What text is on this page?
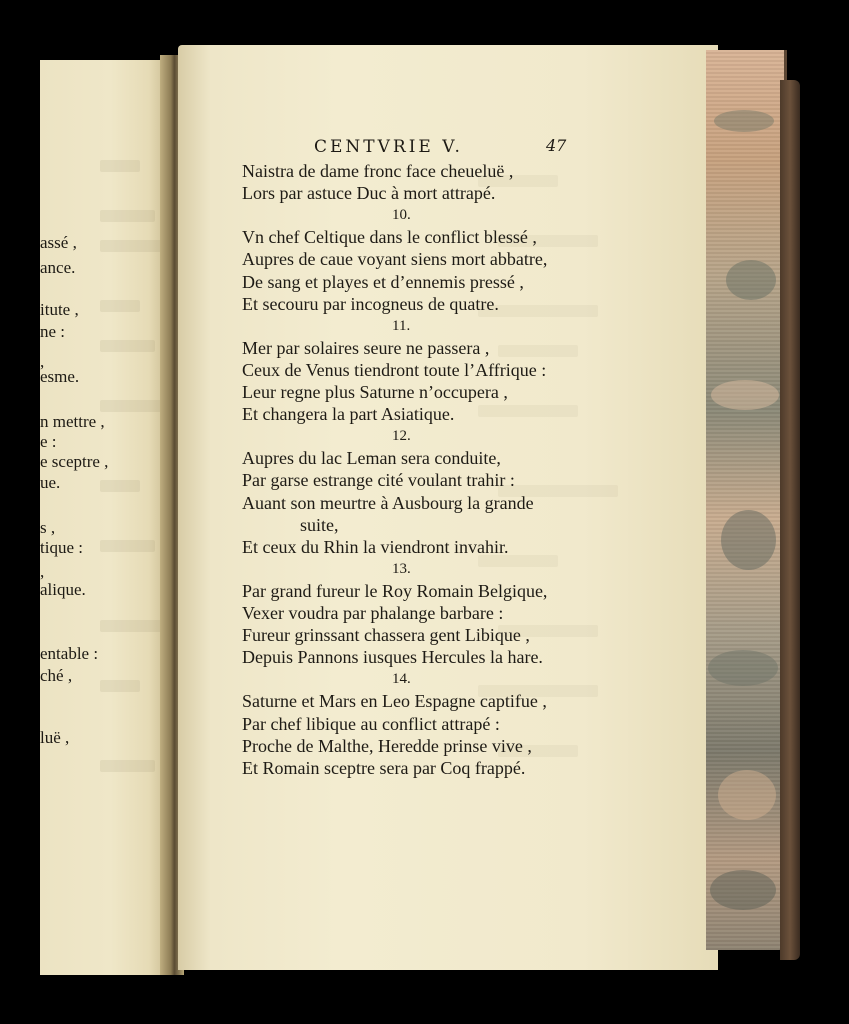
assé ,
ance.
itute ,
ne :
,
esme.
n mettre ,
e :
e sceptre ,
ue.
s ,
tique :
,
alique.
entable :
ché ,
luë ,
CENTVRIE V.	47
Naistra de dame fronc face cheueluë ,
Lors par astuce Duc à mort attrapé.
10.
Vn chef Celtique dans le conflict blessé ,
Aupres de caue voyant siens mort abbatre,
De sang et playes et d’ennemis pressé ,
Et secouru par incogneus de quatre.
11.
Mer par solaires seure ne passera ,
Ceux de Venus tiendront toute l’Affrique :
Leur regne plus Saturne n’occupera ,
Et changera la part Asiatique.
12.
Aupres du lac Leman sera conduite,
Par garse estrange cité voulant trahir :
Auant son meurtre à Ausbourg la grande
suite,
Et ceux du Rhin la viendront invahir.
13.
Par grand fureur le Roy Romain Belgique,
Vexer voudra par phalange barbare :
Fureur grinssant chassera gent Libique ,
Depuis Pannons iusques Hercules la hare.
14.
Saturne et Mars en Leo Espagne captifue ,
Par chef libique au conflict attrapé :
Proche de Malthe, Heredde prinse vive ,
Et Romain sceptre sera par Coq frappé.
